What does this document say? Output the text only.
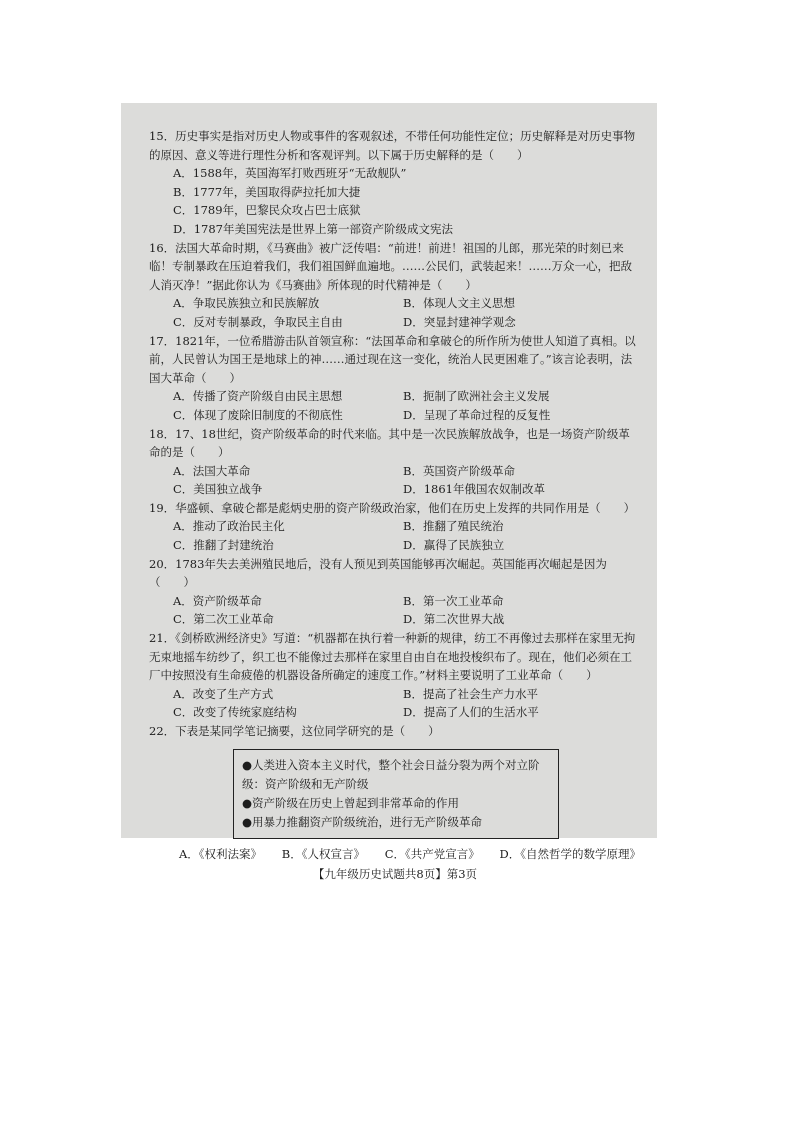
15．历史事实是指对历史人物或事件的客观叙述，不带任何功能性定位；历史解释是对历史事物的原因、意义等进行理性分析和客观评判。以下属于历史解释的是（　　）

A．1588年，英国海军打败西班牙“无敌舰队”

B．1777年，美国取得萨拉托加大捷

C．1789年，巴黎民众攻占巴士底狱

D．1787年美国宪法是世界上第一部资产阶级成文宪法

16．法国大革命时期，《马赛曲》被广泛传唱：“前进！前进！祖国的儿郎，那光荣的时刻已来临！专制暴政在压迫着我们，我们祖国鲜血遍地。……公民们，武装起来！……万众一心，把敌人消灭净！”据此你认为《马赛曲》所体现的时代精神是（　　）

A．争取民族独立和民族解放	B．体现人文主义思想
C．反对专制暴政，争取民主自由	D．突显封建神学观念

17．1821年，一位希腊游击队首领宣称：“法国革命和拿破仑的所作所为使世人知道了真相。以前，人民曾认为国王是地球上的神……通过现在这一变化，统治人民更困难了。”该言论表明，法国大革命（　　）

A．传播了资产阶级自由民主思想	B．扼制了欧洲社会主义发展
C．体现了废除旧制度的不彻底性	D．呈现了革命过程的反复性

18．17、18世纪，资产阶级革命的时代来临。其中是一次民族解放战争，也是一场资产阶级革命的是（　　）

A．法国大革命	B．英国资产阶级革命
C．美国独立战争	D．1861年俄国农奴制改革

19．华盛顿、拿破仑都是彪炳史册的资产阶级政治家，他们在历史上发挥的共同作用是（　　）

A．推动了政治民主化	B．推翻了殖民统治
C．推翻了封建统治	D．赢得了民族独立

20．1783年失去美洲殖民地后，没有人预见到英国能够再次崛起。英国能再次崛起是因为（　　）

A．资产阶级革命	B．第一次工业革命
C．第二次工业革命	D．第二次世界大战

21．《剑桥欧洲经济史》写道：“机器都在执行着一种新的规律，纺工不再像过去那样在家里无拘无束地摇车纺纱了，织工也不能像过去那样在家里自由自在地投梭织布了。现在，他们必须在工厂中按照没有生命疲倦的机器设备所确定的速度工作。”材料主要说明了工业革命（　　）

A．改变了生产方式	B．提高了社会生产力水平
C．改变了传统家庭结构	D．提高了人们的生活水平

22．下表是某同学笔记摘要，这位同学研究的是（　　）

●人类进入资本主义时代，整个社会日益分裂为两个对立阶级：资产阶级和无产阶级
●资产阶级在历史上曾起到非常革命的作用
●用暴力推翻资产阶级统治，进行无产阶级革命
A．《权利法案》 B．《人权宣言》 C．《共产党宣言》 D．《自然哲学的数学原理》
【九年级历史试题共8页】第3页
